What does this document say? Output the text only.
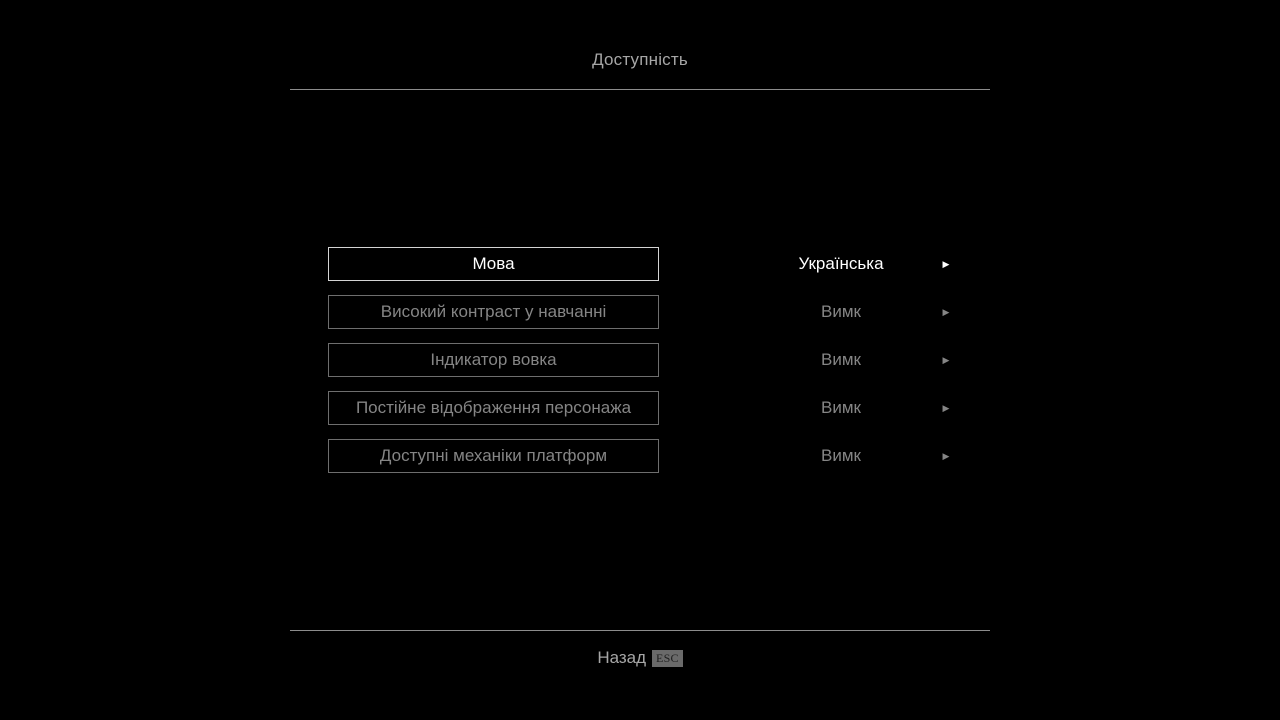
Доступність
Мова	Українська	▶
Високий контраст у навчанні	Вимк	▶
Індикатор вовка	Вимк	▶
Постійне відображення персонажа	Вимк	▶
Доступні механіки платформ	Вимк	▶
Назад ESC
